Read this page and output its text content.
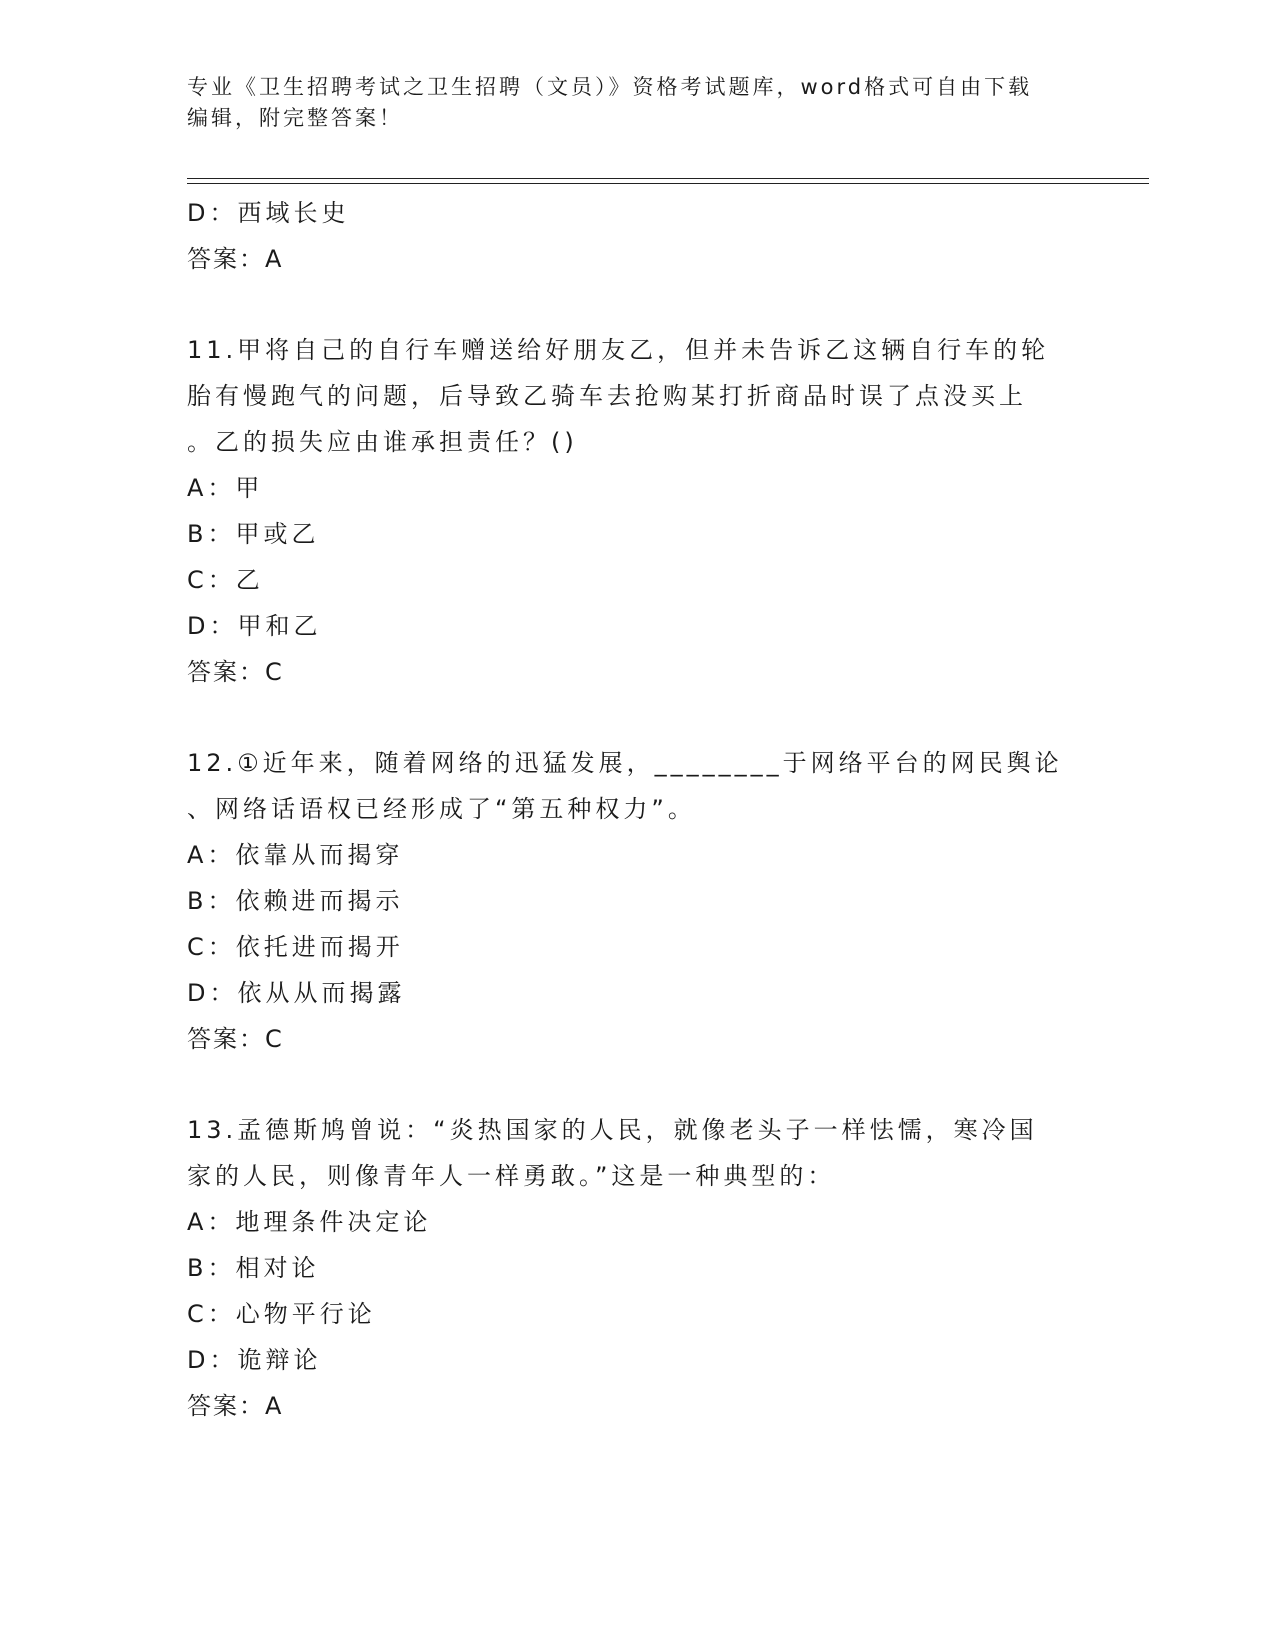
专业《卫生招聘考试之卫生招聘（文员）》资格考试题库，word格式可自由下载
编辑，附完整答案！
D：西域长史
答案：A
11.甲将自己的自行车赠送给好朋友乙，但并未告诉乙这辆自行车的轮
胎有慢跑气的问题，后导致乙骑车去抢购某打折商品时误了点没买上
。乙的损失应由谁承担责任？()
A：甲
B：甲或乙
C：乙
D：甲和乙
答案：C
12.①近年来，随着网络的迅猛发展，________于网络平台的网民舆论
、网络话语权已经形成了“第五种权力”。
A：依靠从而揭穿
B：依赖进而揭示
C：依托进而揭开
D：依从从而揭露
答案：C
13.孟德斯鸠曾说：“炎热国家的人民，就像老头子一样怯懦，寒冷国
家的人民，则像青年人一样勇敢。”这是一种典型的：
A：地理条件决定论
B：相对论
C：心物平行论
D：诡辩论
答案：A
